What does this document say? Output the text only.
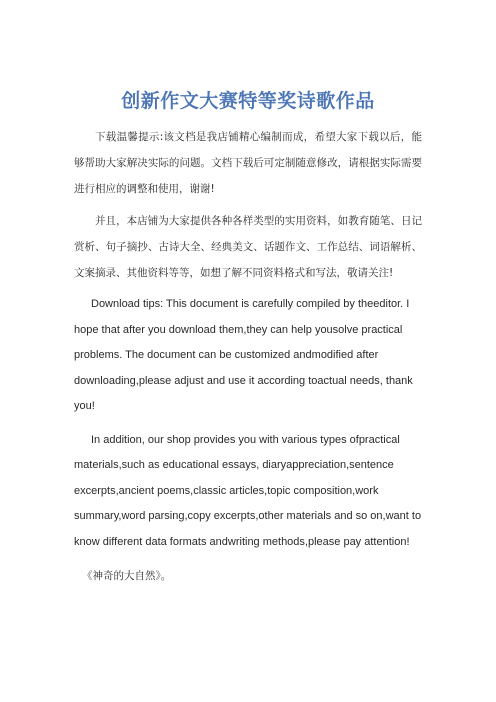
创新作文大赛特等奖诗歌作品

下载温馨提示:该文档是我店铺精心编制而成，希望大家下载以后，能够帮助大家解决实际的问题。文档下载后可定制随意修改，请根据实际需要进行相应的调整和使用，谢谢!

并且，本店铺为大家提供各种各样类型的实用资料，如教育随笔、日记赏析、句子摘抄、古诗大全、经典美文、话题作文、工作总结、词语解析、文案摘录、其他资料等等，如想了解不同资料格式和写法，敬请关注!

Download tips: This document is carefully compiled by theeditor. I hope that after you download them,they can help yousolve practical problems. The document can be customized andmodified after downloading,please adjust and use it according toactual needs, thank you!

In addition, our shop provides you with various types ofpractical materials,such as educational essays, diaryappreciation,sentence excerpts,ancient poems,classic articles,topic composition,work summary,word parsing,copy excerpts,other materials and so on,want to know different data formats andwriting methods,please pay attention!

《神奇的大自然》。
